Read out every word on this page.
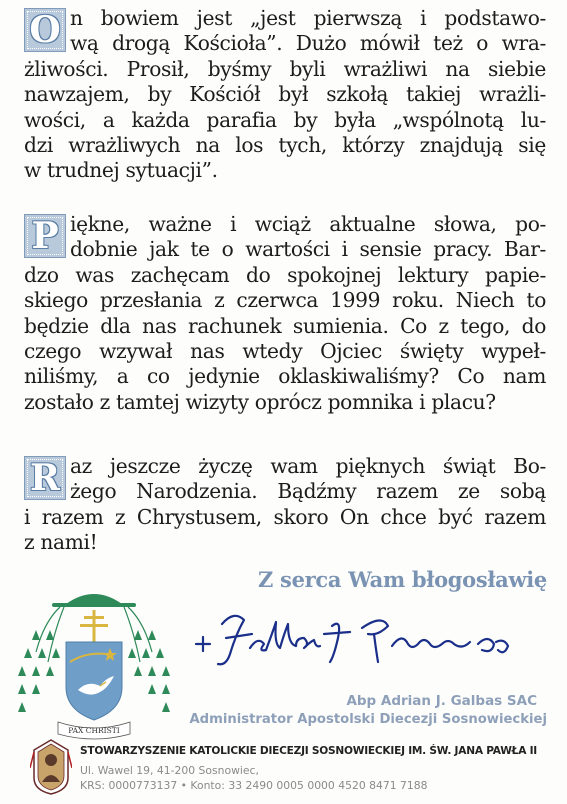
O n bowiem jest „jest pierwszą i podstawo-
wą drogą Kościoła”. Dużo mówił też o wra-
żliwości. Prosił, byśmy byli wrażliwi na siebie
nawzajem, by Kościół był szkołą takiej wrażli-
wości, a każda parafia by była „wspólnotą lu-
dzi wrażliwych na los tych, którzy znajdują się
w trudnej sytuacji”.

P iękne, ważne i wciąż aktualne słowa, po-
dobnie jak te o wartości i sensie pracy. Bar-
dzo was zachęcam do spokojnej lektury papie-
skiego przesłania z czerwca 1999 roku. Niech to
będzie dla nas rachunek sumienia. Co z tego, do
czego wzywał nas wtedy Ojciec święty wypeł-
niliśmy, a co jedynie oklaskiwaliśmy? Co nam
zostało z tamtej wizyty oprócz pomnika i placu?

R az jeszcze życzę wam pięknych świąt Bo-
żego Narodzenia. Bądźmy razem ze sobą
i razem z Chrystusem, skoro On chce być razem
z nami!

Z serca Wam błogosławię
PAX CHRISTI
Abp Adrian J. Galbas SAC
Administrator Apostolski Diecezji Sosnowieckiej
STOWARZYSZENIE KATOLICKIE DIECEZJI SOSNOWIECKIEJ IM. ŚW. JANA PAWŁA II
Ul. Wawel 19, 41-200 Sosnowiec,
KRS: 0000773137 • Konto: 33 2490 0005 0000 4520 8471 7188
